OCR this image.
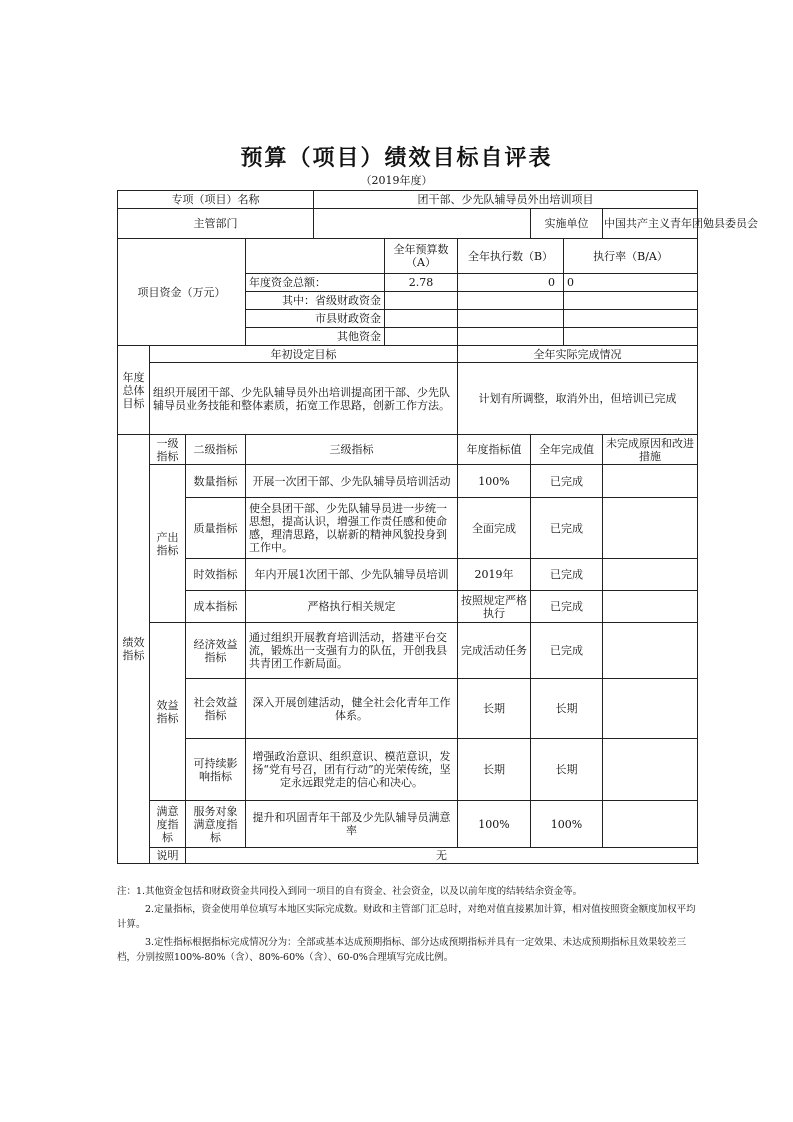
预算（项目）绩效目标自评表
（2019年度）
专项（项目）名称				团干部、少先队辅导员外出培训项目					
主管部门							实施单位		中国共产主义青年团勉县委员会
项目资金（万元）					全年预算数（A）	全年执行数（B）		执行率（B/A）	
			年度资金总额：		2.78	0		0	
			其中：省级财政资金						
			市县财政资金						
			其他资金						
年度总体目标	年初设定目标					全年实际完成情况			
	组织开展团干部、少先队辅导员外出培训提高团干部、少先队辅导员业务技能和整体素质，拓宽工作思路，创新工作方法。					计划有所调整，取消外出，但培训已完成			
绩效指标	一级指标	二级指标	三级指标			年度指标值	全年完成值		未完成原因和改进措施
	产出指标	数量指标	开展一次团干部、少先队辅导员培训活动			100%	已完成		
		质量指标	使全县团干部、少先队辅导员进一步统一思想，提高认识，增强工作责任感和使命感，理清思路，以崭新的精神风貌投身到工作中。			全面完成	已完成		
		时效指标	年内开展1次团干部、少先队辅导员培训			2019年	已完成		
		成本指标	严格执行相关规定			按照规定严格执行	已完成		
	效益指标	经济效益指标	通过组织开展教育培训活动，搭建平台交流，锻炼出一支强有力的队伍，开创我县共青团工作新局面。			完成活动任务	已完成		
		社会效益指标	深入开展创建活动，健全社会化青年工作体系。			长期	长期		
		可持续影响指标	增强政治意识、组织意识、模范意识，发扬“党有号召，团有行动”的光荣传统，坚定永远跟党走的信心和决心。			长期	长期		
	满意度指标	服务对象满意度指标	提升和巩固青年干部及少先队辅导员满意率			100%	100%		
	说明	无							

注：1.其他资金包括和财政资金共同投入到同一项目的自有资金、社会资金，以及以前年度的结转结余资金等。

2.定量指标，资金使用单位填写本地区实际完成数。财政和主管部门汇总时，对绝对值直接累加计算，相对值按照资金额度加权平均计算。

3.定性指标根据指标完成情况分为：全部或基本达成预期指标、部分达成预期指标并具有一定效果、未达成预期指标且效果较差三档，分别按照100%-80%（含）、80%-60%（含）、60-0%合理填写完成比例。
